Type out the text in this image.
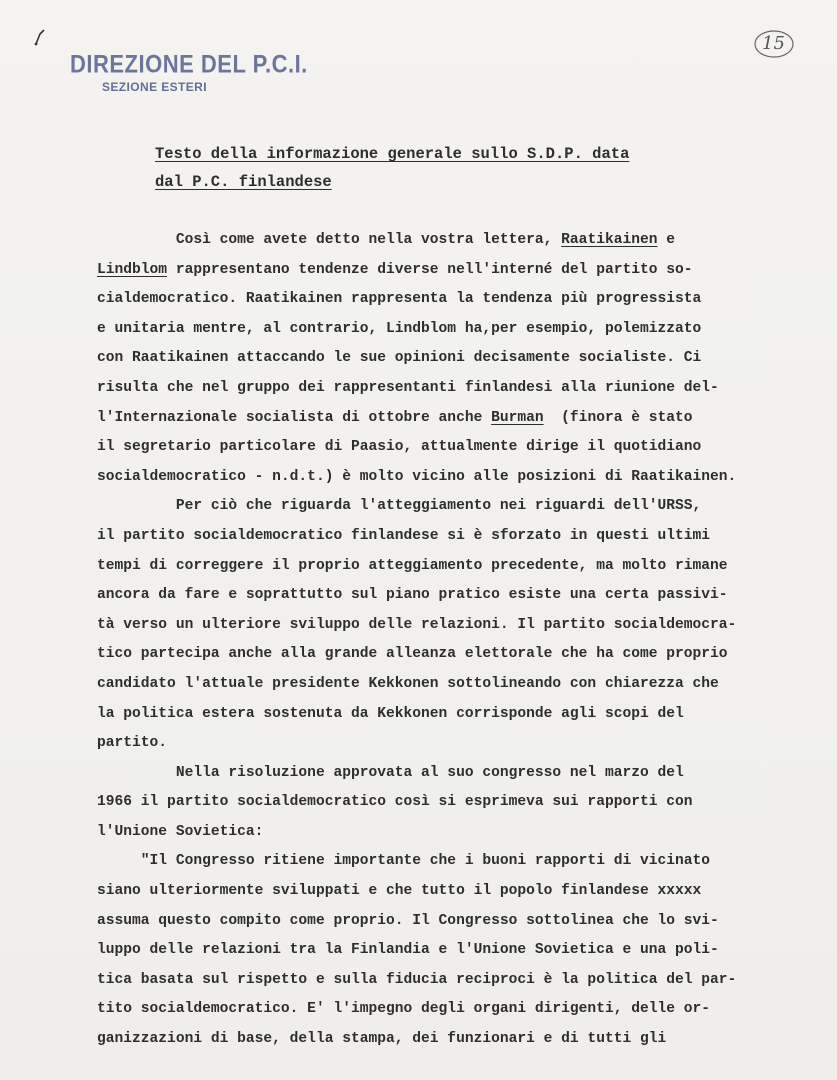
DIREZIONE DEL P.C.I.
SEZIONE ESTERI
15
Testo della informazione generale sullo S.D.P. data
dal P.C. finlandese
Così come avete detto nella vostra lettera, Raatikainen e
Lindblom rappresentano tendenze diverse nell'interné del partito so-
cialdemocratico. Raatikainen rappresenta la tendenza più progressista
e unitaria mentre, al contrario, Lindblom ha,per esempio, polemizzato
con Raatikainen attaccando le sue opinioni decisamente socialiste. Ci
risulta che nel gruppo dei rappresentanti finlandesi alla riunione del-
l'Internazionale socialista di ottobre anche Burman  (finora è stato
il segretario particolare di Paasio, attualmente dirige il quotidiano
socialdemocratico - n.d.t.) è molto vicino alle posizioni di Raatikainen.
Per ciò che riguarda l'atteggiamento nei riguardi dell'URSS,
il partito socialdemocratico finlandese si è sforzato in questi ultimi
tempi di correggere il proprio atteggiamento precedente, ma molto rimane
ancora da fare e soprattutto sul piano pratico esiste una certa passivi-
tà verso un ulteriore sviluppo delle relazioni. Il partito socialdemocra-
tico partecipa anche alla grande alleanza elettorale che ha come proprio
candidato l'attuale presidente Kekkonen sottolineando con chiarezza che
la politica estera sostenuta da Kekkonen corrisponde agli scopi del
partito.
Nella risoluzione approvata al suo congresso nel marzo del
1966 il partito socialdemocratico così si esprimeva sui rapporti con
l'Unione Sovietica:
"Il Congresso ritiene importante che i buoni rapporti di vicinato
siano ulteriormente sviluppati e che tutto il popolo finlandese xxxxx
assuma questo compito come proprio. Il Congresso sottolinea che lo svi-
luppo delle relazioni tra la Finlandia e l'Unione Sovietica e una poli-
tica basata sul rispetto e sulla fiducia reciproci è la politica del par-
tito socialdemocratico. E' l'impegno degli organi dirigenti, delle or-
ganizzazioni di base, della stampa, dei funzionari e di tutti gli
